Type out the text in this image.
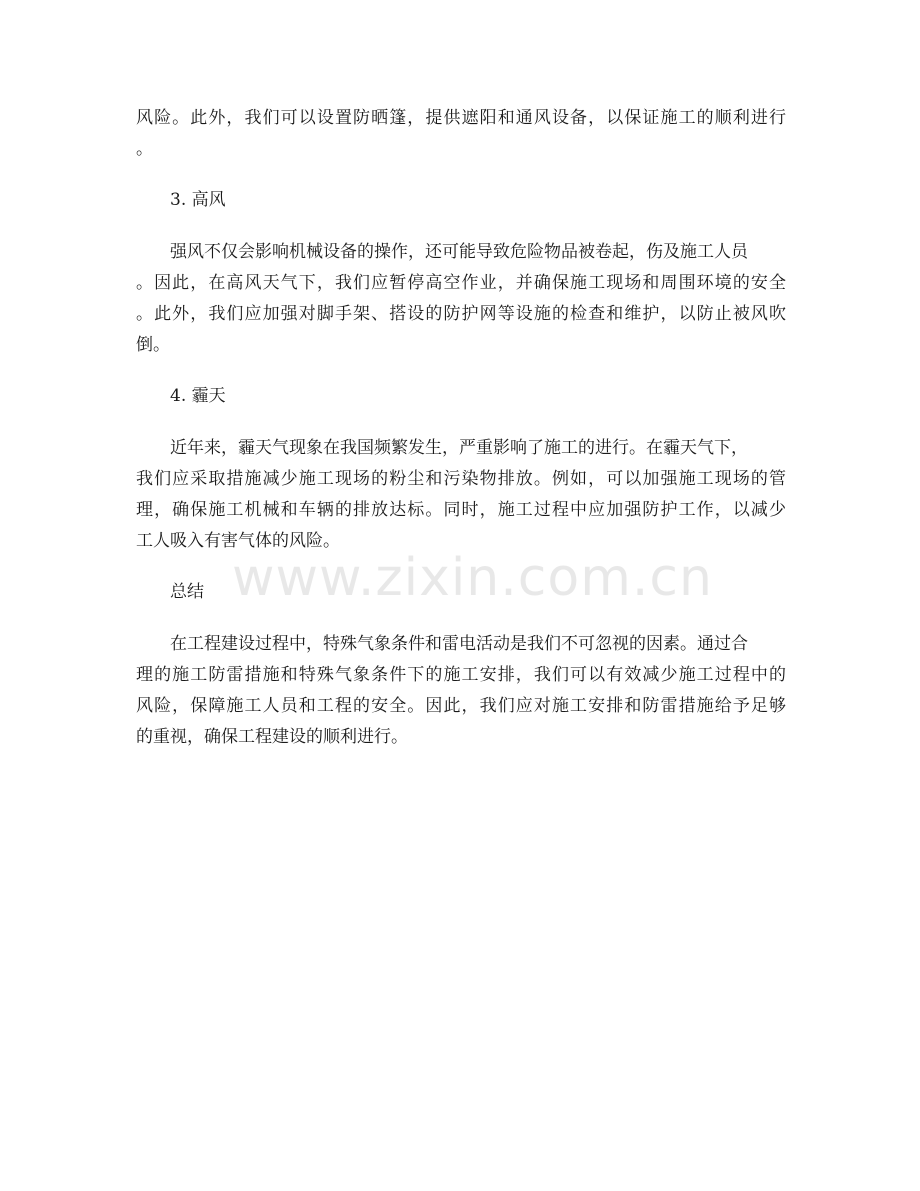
风险。此外，我们可以设置防晒篷，提供遮阳和通风设备，以保证施工的顺利进行
。
3. 高风
强风不仅会影响机械设备的操作，还可能导致危险物品被卷起，伤及施工人员
。因此，在高风天气下，我们应暂停高空作业，并确保施工现场和周围环境的安全
。此外，我们应加强对脚手架、搭设的防护网等设施的检查和维护，以防止被风吹
倒。
4. 霾天
近年来，霾天气现象在我国频繁发生，严重影响了施工的进行。在霾天气下，
我们应采取措施减少施工现场的粉尘和污染物排放。例如，可以加强施工现场的管
理，确保施工机械和车辆的排放达标。同时，施工过程中应加强防护工作，以减少
工人吸入有害气体的风险。
总结
在工程建设过程中，特殊气象条件和雷电活动是我们不可忽视的因素。通过合
理的施工防雷措施和特殊气象条件下的施工安排，我们可以有效减少施工过程中的
风险，保障施工人员和工程的安全。因此，我们应对施工安排和防雷措施给予足够
的重视，确保工程建设的顺利进行。
www.zixin.com.cn
